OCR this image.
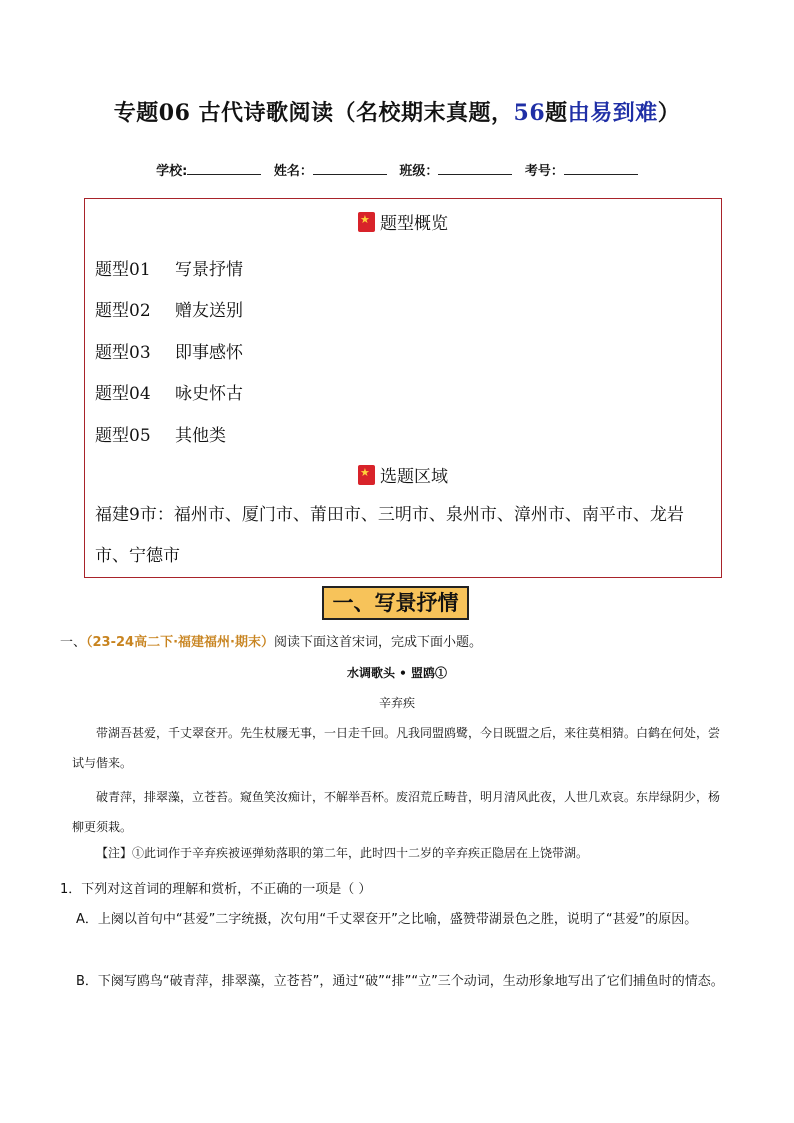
专题06 古代诗歌阅读（名校期末真题，56题由易到难）
学校:	姓名：	班级：	考号：
★题型概览
题型01 写景抒情
题型02 赠友送别
题型03 即事感怀
题型04 咏史怀古
题型05 其他类
★选题区域
福建9市：福州市、厦门市、莆田市、三明市、泉州市、漳州市、南平市、龙岩市、宁德市
一、写景抒情
一、（23-24高二下·福建福州·期末）阅读下面这首宋词，完成下面小题。
水调歌头 • 盟鸥①
辛弃疾
带湖吾甚爱，千丈翠奁开。先生杖屦无事，一日走千回。凡我同盟鸥鹭，今日既盟之后，来往莫相猜。白鹤在何处，尝试与偕来。
破青萍，排翠藻，立苍苔。窥鱼笑汝痴计，不解举吾杯。废沼荒丘畴昔，明月清风此夜，人世几欢哀。东岸绿阴少，杨柳更须栽。
【注】①此词作于辛弃疾被诬弹劾落职的第二年，此时四十二岁的辛弃疾正隐居在上饶带湖。
1．下列对这首词的理解和赏析，不正确的一项是（ ）
A．上阕以首句中“甚爱”二字统摄，次句用“千丈翠奁开”之比喻，盛赞带湖景色之胜，说明了“甚爱”的原因。
B．下阕写鸥鸟“破青萍，排翠藻，立苍苔”，通过“破”“排”“立”三个动词，生动形象地写出了它们捕鱼时的情态。
